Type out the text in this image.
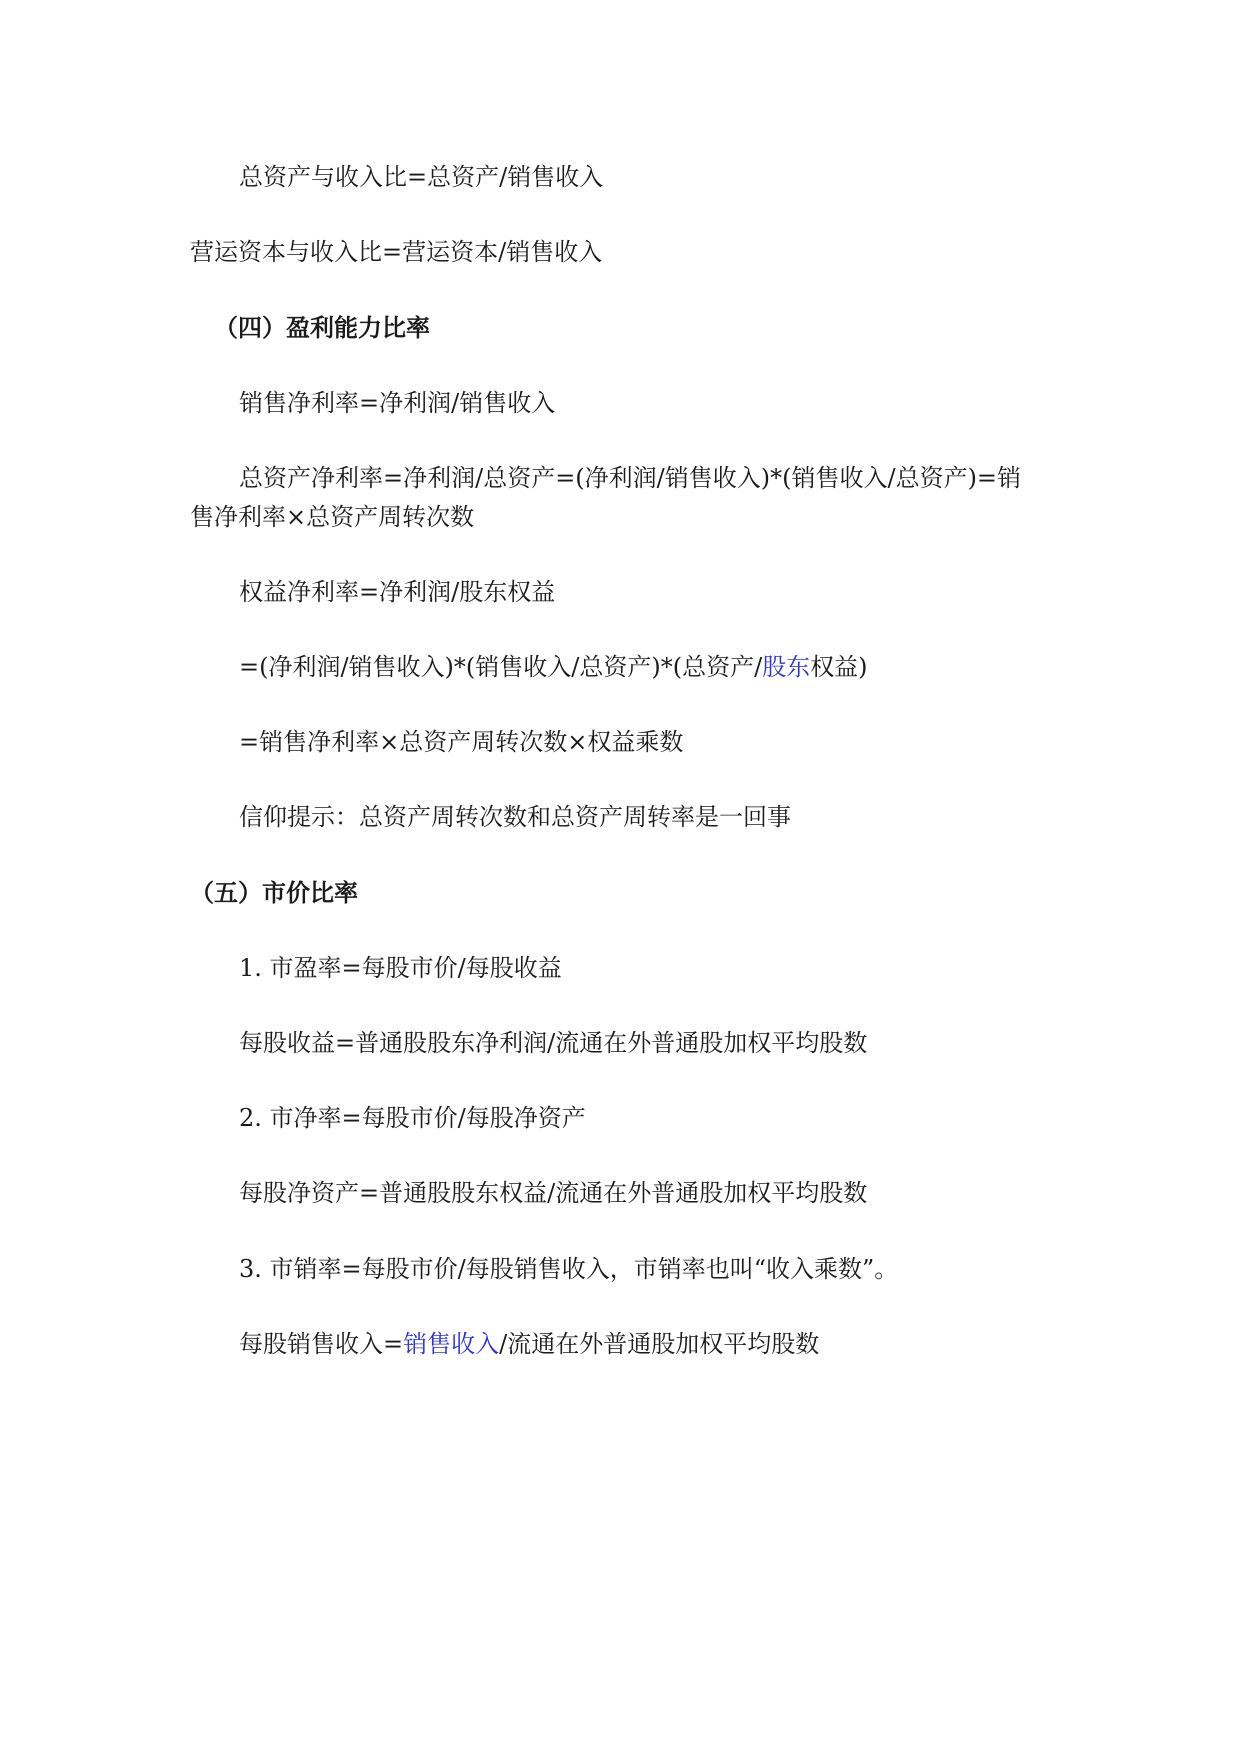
总资产与收入比=总资产/销售收入
营运资本与收入比=营运资本/销售收入
（四）盈利能力比率
销售净利率=净利润/销售收入
总资产净利率=净利润/总资产=(净利润/销售收入)*(销售收入/总资产)=销
售净利率×总资产周转次数
权益净利率=净利润/股东权益
=(净利润/销售收入)*(销售收入/总资产)*(总资产/股东权益)
=销售净利率×总资产周转次数×权益乘数
信仰提示：总资产周转次数和总资产周转率是一回事
（五）市价比率
1. 市盈率=每股市价/每股收益
每股收益=普通股股东净利润/流通在外普通股加权平均股数
2. 市净率=每股市价/每股净资产
每股净资产=普通股股东权益/流通在外普通股加权平均股数
3. 市销率=每股市价/每股销售收入，市销率也叫“收入乘数”。
每股销售收入=销售收入/流通在外普通股加权平均股数
